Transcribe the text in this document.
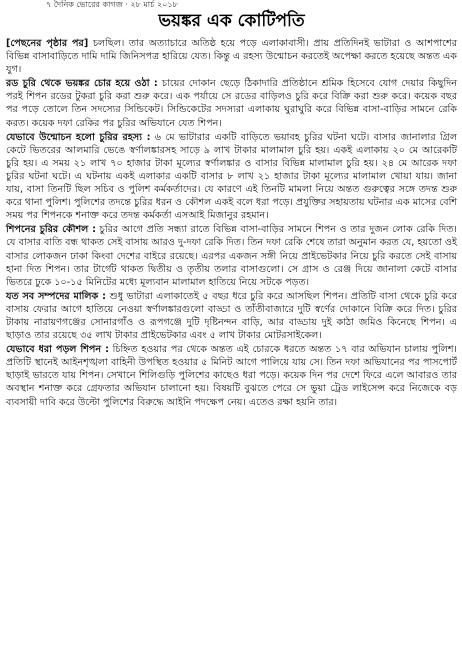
৭ দৈনিক ভোরের কাগজ · ২৮ মার্চ ২০১৮
ভয়ঙ্কর এক কোটিপতি

[পেছনের পৃষ্ঠার পর] চলছিল। তার অত্যাচারে অতিষ্ঠ হয়ে পড়ে এলাকাবাসী। প্রায় প্রতিদিনই ভাটারা ও আশপাশের বিভিন্ন বাসাবাড়িতে দামি দামি জিনিসপত্র হারিয়ে যেত। কিন্তু এ রহস্য উন্মোচন করতেই অপেক্ষা করতে হয়েছে অন্তত এক যুগ।

রড চুরি থেকে ভয়ঙ্কর চোর হয়ে ওঠা : চায়ের দোকান ছেড়ে ঠিকাদারি প্রতিষ্ঠানে শ্রমিক হিসেবে যোগ দেয়ার কিছুদিন পরই শিপন রডের টুকরা চুরি করা শুরু করে। এক পর্যায়ে সে রডের বাড়িলও চুরি করে বিক্রি করা শুরু করে। কয়েক বছর পর পড়ে তোলে তিন সদস্যের সিন্ডিকেট। সিন্ডিকেটের সদস্যরা এলাকায় ঘুরাঘুরি করে বিভিন্ন বাসা-বাড়ির সামনে রেকি করত। কয়েক দফা রেকির পর চুরির অভিযানে যেত শিপন।

যেভাবে উন্মোচন হলো চুরির রহস্য : ৬ মে ভাটারার একটি বাড়িতে ভয়াবহ চুরির ঘটনা ঘটে। বাসার জানালার গ্রিল কেটে ভিতরের আলমারি ভেঙে স্বর্ণালঙ্কারসহ সাড়ে ৯ লাখ টাকার মালামাল চুরি হয়। একই এলাকায় ২০ মে আরেকটি চুরি হয়। এ সময় ২১ লাখ ৭০ হাজার টাকা মূল্যের স্বর্ণালঙ্কার ও বাসার বিভিন্ন মালামাল চুরি হয়। ২৪ মে আরেক দফা চুরির ঘটনা ঘটে। এ ঘটনায় একই এলাকার একটি বাসার ৮ লাখ ২১ হাজার টাকা মূল্যের মালামাল খোয়া যায়। জানা যায়, বাসা তিনটি ছিল সচিব ও পুলিশ কর্মকর্তাদের। যে কারণে এই তিনটি মামলা নিয়ে অন্তত গুরুত্বের সঙ্গে তদন্ত শুরু করে থানা পুলিশ। পুলিশের তদন্তে চুরির ধরন ও কৌশল একই বলে ধরা পড়ে। প্রযুক্তির সহায়তায় ঘটনার এক মাসের বেশি সময় পর শিপনকে শনাক্ত করে তদন্ত কর্মকর্তা এসআই মিজানুর রহমান।

শিপনের চুরির কৌশল : চুরির আগে প্রতি সন্ধ্যা রাতে বিভিন্ন বাসা-বাড়ির সামনে শিপন ও তার দুজন লোক রেকি দিত। যে বাসার বাতি বন্ধ থাকত সেই বাসায় আরও দু-দফা রেকি দিত। তিন দফা রেকি শেষে তারা অনুমান করত যে, হয়তো ওই বাসার লোকজন ঢাকা কিংবা দেশের বাইরে রয়েছে। এরপর একজন সঙ্গী নিয়ে প্রাইভেটকার নিয়ে চুরি করতে সেই বাসায় হানা দিত শিপন। তার টার্গেট থাকত দ্বিতীয় ও তৃতীয় তলার বাসাগুলো। সে গ্রাস ও রেঞ্জ দিয়ে জানালা কেটে বাসার ভিতরে ঢুকে ১০-১৫ মিনিটের মধ্যে মূল্যবান মালামাল হাতিয়ে নিয়ে সটকে পড়ত।

যত সব সম্পদের মালিক : শুধু ভাটারা এলাকাতেই ৫ বছর ধরে চুরি করে আসছিল শিপন। প্রতিটি বাসা থেকে চুরি করে বাসায় ফেরার আগে হাতিয়ে নেওয়া স্বর্ণালঙ্কারগুলো বাড্ডা ও তাঁতীবাজারে দুটি স্বর্ণের দোকানে বিক্রি করে দিত। চুরির টাকায় নারায়ণগঞ্জের সোনারগাঁও ও রূপগঞ্জে দুটি দৃষ্টিনন্দন বাড়ি, আর বাড্ডায় দুই কাঠা জমিও কিনেছে শিপন। এ ছাড়াও তার রয়েছে ৩৫ লাখ টাকার প্রাইভেটকার এবং ৫ লাখ টাকার মোটরসাইকেল।

যেভাবে ধরা পড়ল শিপন : চিহ্নিত হওয়ার পর থেকে অন্তত এই চোরকে ধরতে অন্তত ১৭ বার অভিযান চালায় পুলিশ। প্রতিটি স্থানেই আইনশৃঙ্খলা বাহিনী উপস্থিত হওয়ার ৫ মিনিট আগে পালিয়ে যায় সে। তিন দফা অভিযানের পর পাসপোর্ট ছাড়াই ভারতে যায় শিপন। সেখানে শিলিগুড়ি পুলিশের কাছেও ধরা পড়ে। কয়েক দিন পর দেশে ফিরে এলে আবারও তার অবস্থান শনাক্ত করে গ্রেফতার অভিযান চালানো হয়। বিষয়টি বুঝতে পেরে সে ভুয়া ট্রেড লাইসেন্স করে নিজেকে বড় ব্যবসায়ী দাবি করে উল্টো পুলিশের বিরুদ্ধে আইনি পদক্ষেপ নেয়। এতেও রক্ষা হয়নি তার।
